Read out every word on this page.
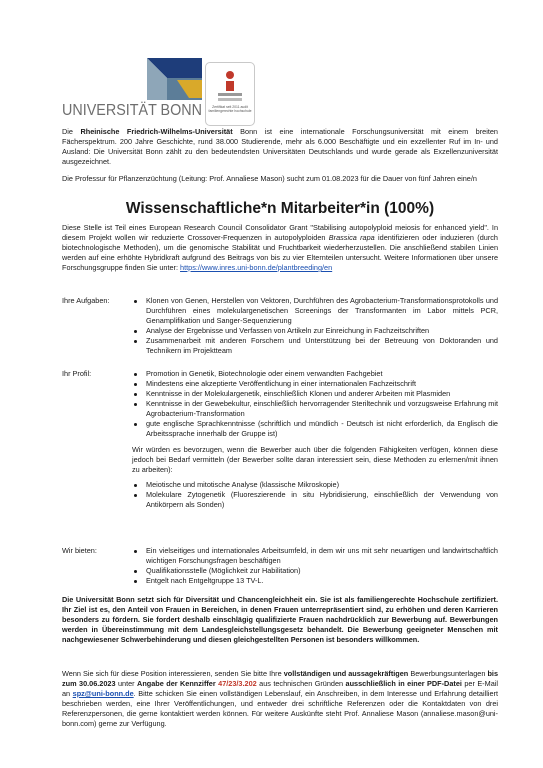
UNIVERSITÄT BONN	Zertifikat seit 2011 audit familiengerechte hochschule

Die Rheinische Friedrich-Wilhelms-Universität Bonn ist eine internationale Forschungsuniversität mit einem breiten Fächerspektrum. 200 Jahre Geschichte, rund 38.000 Studierende, mehr als 6.000 Beschäftigte und ein exzellenter Ruf im In- und Ausland: Die Universität Bonn zählt zu den bedeutendsten Universitäten Deutschlands und wurde gerade als Exzellenzuniversität ausgezeichnet.

Die Professur für Pflanzenzüchtung (Leitung: Prof. Annaliese Mason) sucht zum 01.08.2023 für die Dauer von fünf Jahren eine/n

Wissenschaftliche*n Mitarbeiter*in (100%)

Diese Stelle ist Teil eines European Research Council Consolidator Grant "Stabilising autopolyploid meiosis for enhanced yield". In diesem Projekt wollen wir reduzierte Crossover-Frequenzen in autopolyploiden Brassica rapa identifizieren oder induzieren (durch biotechnologische Methoden), um die genomische Stabilität und Fruchtbarkeit wiederherzustellen. Die anschließend stabilen Linien werden auf eine erhöhte Hybridkraft aufgrund des Beitrags von bis zu vier Elternteilen untersucht. Weitere Informationen über unsere Forschungsgruppe finden Sie unter: https://www.inres.uni-bonn.de/plantbreeding/en

Ihre Aufgaben:	Klonen von Genen, Herstellen von Vektoren, Durchführen des Agrobacterium-Transformationsprotokolls und Durchführen eines molekulargenetischen Screenings der Transformanten im Labor mittels PCR, Genamplifikation und Sanger-Sequenzierung
Analyse der Ergebnisse und Verfassen von Artikeln zur Einreichung in Fachzeitschriften
Zusammenarbeit mit anderen Forschern und Unterstützung bei der Betreuung von Doktoranden und Technikern im Projektteam
Ihr Profil:	Promotion in Genetik, Biotechnologie oder einem verwandten Fachgebiet
Mindestens eine akzeptierte Veröffentlichung in einer internationalen Fachzeitschrift
Kenntnisse in der Molekulargenetik, einschließlich Klonen und anderer Arbeiten mit Plasmiden
Kenntnisse in der Gewebekultur, einschließlich hervorragender Steriltechnik und vorzugsweise Erfahrung mit Agrobacterium-Transformation
gute englische Sprachkenntnisse (schriftlich und mündlich - Deutsch ist nicht erforderlich, da Englisch die Arbeitssprache innerhalb der Gruppe ist)
Wir würden es bevorzugen, wenn die Bewerber auch über die folgenden Fähigkeiten verfügen, können diese jedoch bei Bedarf vermitteln (der Bewerber sollte daran interessiert sein, diese Methoden zu erlernen/mit ihnen zu arbeiten):
Meiotische und mitotische Analyse (klassische Mikroskopie)
Molekulare Zytogenetik (Fluoreszierende in situ Hybridisierung, einschließlich der Verwendung von Antikörpern als Sonden)
Wir bieten:	Ein vielseitiges und internationales Arbeitsumfeld, in dem wir uns mit sehr neuartigen und landwirtschaftlich wichtigen Forschungsfragen beschäftigen
Qualifikationsstelle (Möglichkeit zur Habilitation)
Entgelt nach Entgeltgruppe 13 TV-L.

Die Universität Bonn setzt sich für Diversität und Chancengleichheit ein. Sie ist als familiengerechte Hochschule zertifiziert. Ihr Ziel ist es, den Anteil von Frauen in Bereichen, in denen Frauen unterrepräsentiert sind, zu erhöhen und deren Karrieren besonders zu fördern. Sie fordert deshalb einschlägig qualifizierte Frauen nachdrücklich zur Bewerbung auf. Bewerbungen werden in Übereinstimmung mit dem Landesgleichstellungsgesetz behandelt. Die Bewerbung geeigneter Menschen mit nachgewiesener Schwerbehinderung und diesen gleichgestellten Personen ist besonders willkommen.

Wenn Sie sich für diese Position interessieren, senden Sie bitte Ihre vollständigen und aussagekräftigen Bewerbungsunterlagen bis zum 30.06.2023 unter Angabe der Kennziffer 47/23/3.202 aus technischen Gründen ausschließlich in einer PDF-Datei per E-Mail an spz@uni-bonn.de. Bitte schicken Sie einen vollständigen Lebenslauf, ein Anschreiben, in dem Interesse und Erfahrung detailliert beschrieben werden, eine Ihrer Veröffentlichungen, und entweder drei schriftliche Referenzen oder die Kontaktdaten von drei Referenzpersonen, die gerne kontaktiert werden können. Für weitere Auskünfte steht Prof. Annaliese Mason (annaliese.mason@uni-bonn.com) gerne zur Verfügung.
